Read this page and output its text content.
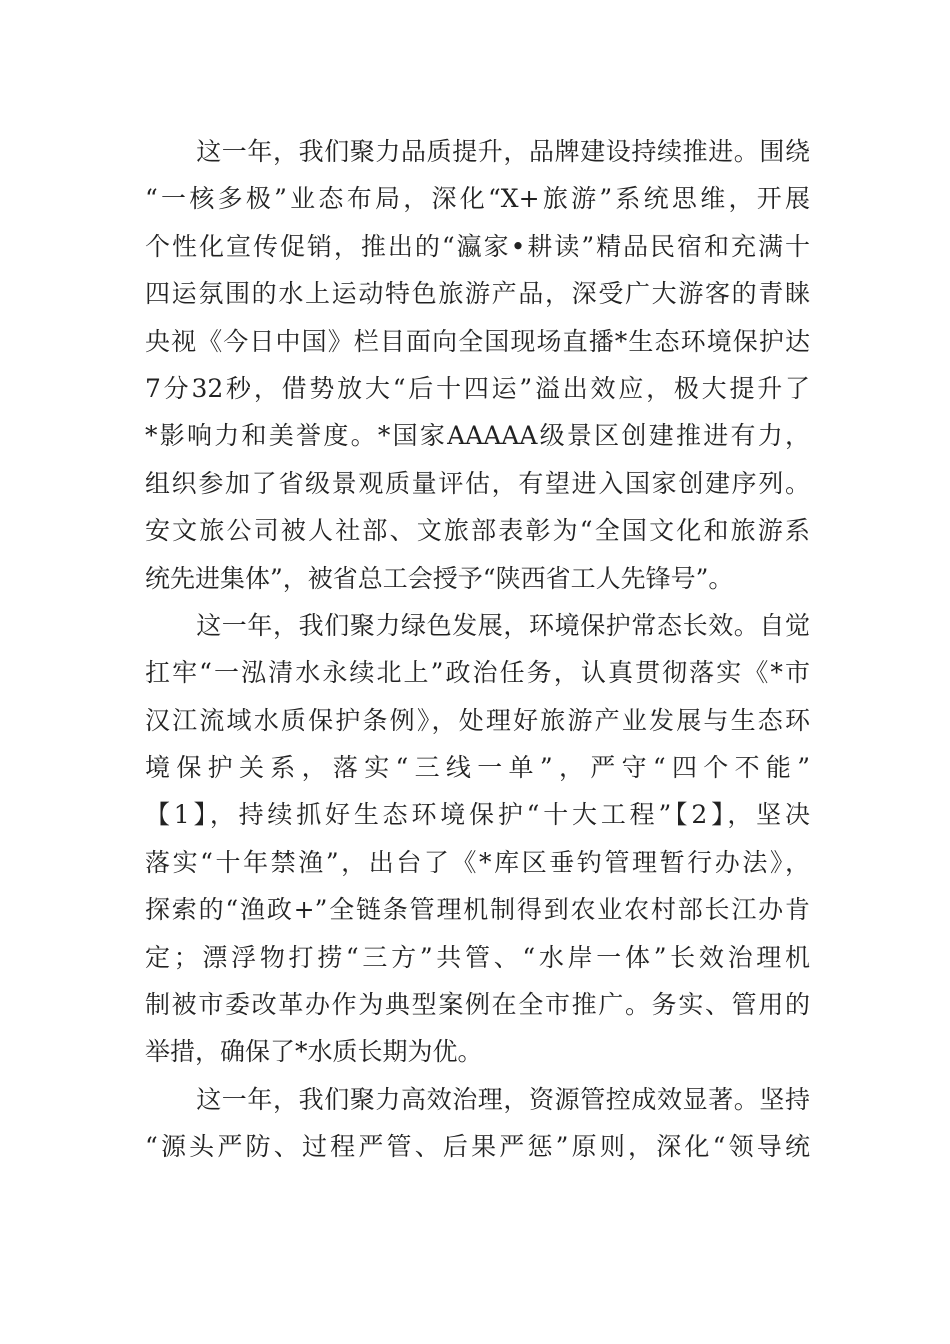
　　这一年，我们聚力品质提升，品牌建设持续推进。围绕
“一核多极”业态布局，深化“X+旅游”系统思维，开展
个性化宣传促销，推出的“瀛家•耕读”精品民宿和充满十
四运氛围的水上运动特色旅游产品，深受广大游客的青睐
央视《今日中国》栏目面向全国现场直播*生态环境保护达
7分32秒，借势放大“后十四运”溢出效应，极大提升了
*影响力和美誉度。*国家AAAAA级景区创建推进有力，
组织参加了省级景观质量评估，有望进入国家创建序列。
安文旅公司被人社部、文旅部表彰为“全国文化和旅游系
统先进集体”，被省总工会授予“陕西省工人先锋号”。
　　这一年，我们聚力绿色发展，环境保护常态长效。自觉
扛牢“一泓清水永续北上”政治任务，认真贯彻落实《*市
汉江流域水质保护条例》，处理好旅游产业发展与生态环
境保护关系，落实“三线一单”，严守“四个不能”
【1】，持续抓好生态环境保护“十大工程”【2】，坚决
落实“十年禁渔”，出台了《*库区垂钓管理暂行办法》，
探索的“渔政+”全链条管理机制得到农业农村部长江办肯
定；漂浮物打捞“三方”共管、“水岸一体”长效治理机
制被市委改革办作为典型案例在全市推广。务实、管用的
举措，确保了*水质长期为优。
　　这一年，我们聚力高效治理，资源管控成效显著。坚持
“源头严防、过程严管、后果严惩”原则，深化“领导统
